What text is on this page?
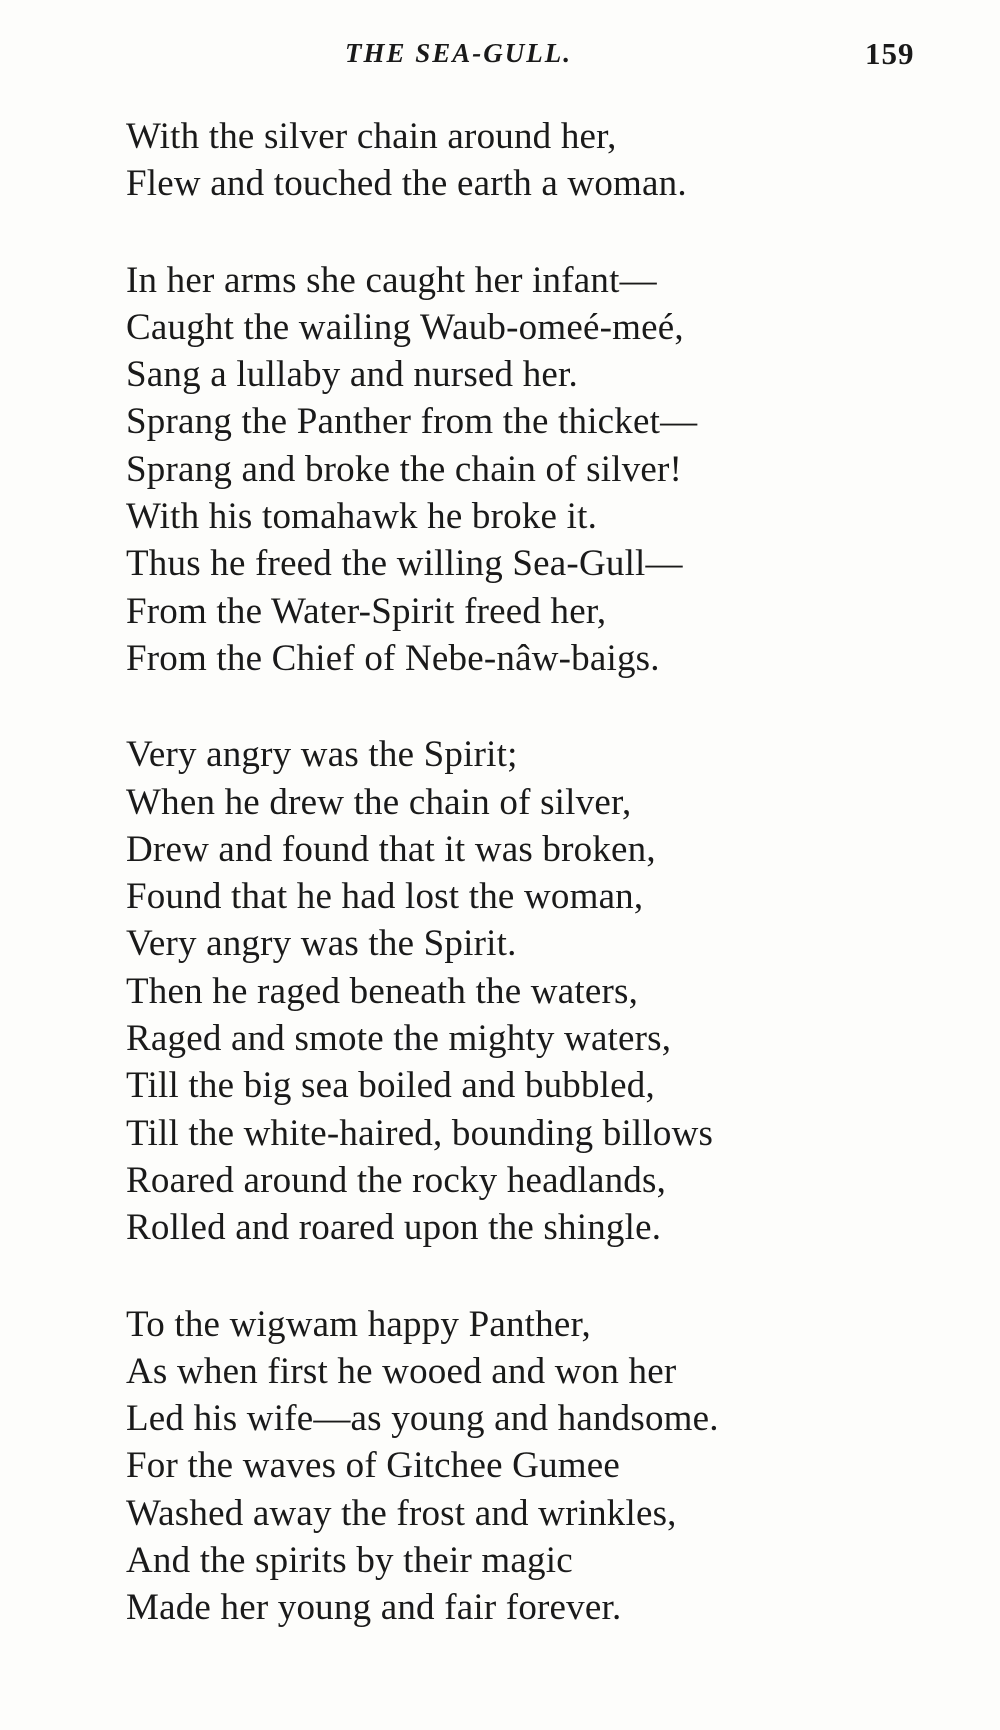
THE SEA-GULL.	159
With the silver chain around her,
Flew and touched the earth a woman.
In her arms she caught her infant—
Caught the wailing Waub-omeé-meé,
Sang a lullaby and nursed her.
Sprang the Panther from the thicket—
Sprang and broke the chain of silver!
With his tomahawk he broke it.
Thus he freed the willing Sea-Gull—
From the Water-Spirit freed her,
From the Chief of Nebe-nâw-baigs.
Very angry was the Spirit;
When he drew the chain of silver,
Drew and found that it was broken,
Found that he had lost the woman,
Very angry was the Spirit.
Then he raged beneath the waters,
Raged and smote the mighty waters,
Till the big sea boiled and bubbled,
Till the white-haired, bounding billows
Roared around the rocky headlands,
Rolled and roared upon the shingle.
To the wigwam happy Panther,
As when first he wooed and won her
Led his wife—as young and handsome.
For the waves of Gitchee Gumee
Washed away the frost and wrinkles,
And the spirits by their magic
Made her young and fair forever.
